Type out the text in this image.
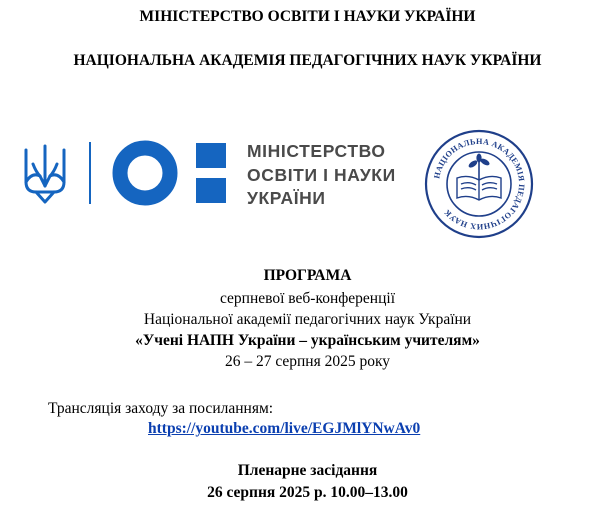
МІНІСТЕРСТВО ОСВІТИ І НАУКИ УКРАЇНИ
НАЦІОНАЛЬНА АКАДЕМІЯ ПЕДАГОГІЧНИХ НАУК УКРАЇНИ
МІНІСТЕРСТВО
ОСВІТИ І НАУКИ
УКРАЇНИ
НАЦІОНАЛЬНА АКАДЕМІЯ ПЕДАГОГІЧНИХ НАУК
ПРОГРАМА
серпневої веб-конференції
Національної академії педагогічних наук України
«Учені НАПН України – українським учителям»
26 – 27 серпня 2025 року
Трансляція заходу за посиланням:
https://youtube.com/live/EGJMlYNwAv0
Пленарне засідання
26 серпня 2025 р. 10.00–13.00
